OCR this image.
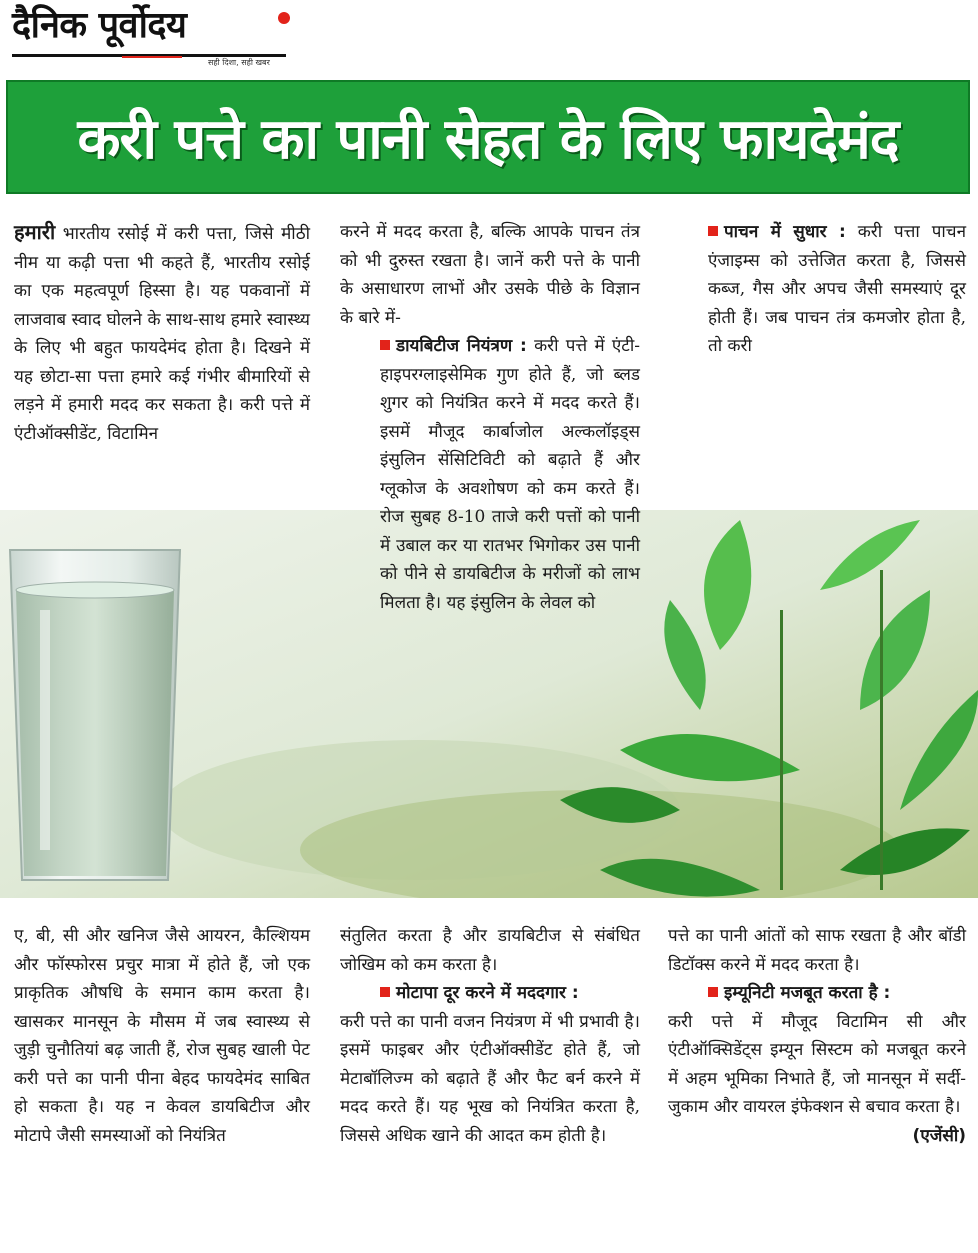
दैनिक पूर्वोदय
सही दिशा, सही खबर
करी पत्ते का पानी सेहत के लिए फायदेमंद

हमारी भारतीय रसोई में करी पत्ता, जिसे मीठी नीम या कढ़ी पत्ता भी कहते हैं, भारतीय रसोई का एक महत्वपूर्ण हिस्सा है। यह पकवानों में लाजवाब स्वाद घोलने के साथ-साथ हमारे स्वास्थ्य के लिए भी बहुत फायदेमंद होता है। दिखने में यह छोटा-सा पत्ता हमारे कई गंभीर बीमारियों से लड़ने में हमारी मदद कर सकता है। करी पत्ते में एंटीऑक्सीडेंट, विटामिन

करने में मदद करता है, बल्कि आपके पाचन तंत्र को भी दुरुस्त रखता है। जानें करी पत्ते के पानी के असाधारण लाभों और उसके पीछे के विज्ञान के बारे में-

डायबिटीज नियंत्रण : करी पत्ते में एंटी-हाइपरग्लाइसेमिक गुण होते हैं, जो ब्लड शुगर को नियंत्रित करने में मदद करते हैं। इसमें मौजूद कार्बाजोल अल्कलॉइड्स इंसुलिन सेंसिटिविटी को बढ़ाते हैं और ग्लूकोज के अवशोषण को कम करते हैं। रोज सुबह 8-10 ताजे करी पत्तों को पानी में उबाल कर या रातभर भिगोकर उस पानी को पीने से डायबिटीज के मरीजों को लाभ मिलता है। यह इंसुलिन के लेवल को

पाचन में सुधार : करी पत्ता पाचन एंजाइम्स को उत्तेजित करता है, जिससे कब्ज, गैस और अपच जैसी समस्याएं दूर होती हैं। जब पाचन तंत्र कमजोर होता है, तो करी

ए, बी, सी और खनिज जैसे आयरन, कैल्शियम और फॉस्फोरस प्रचुर मात्रा में होते हैं, जो एक प्राकृतिक औषधि के समान काम करता है। खासकर मानसून के मौसम में जब स्वास्थ्य से जुड़ी चुनौतियां बढ़ जाती हैं, रोज सुबह खाली पेट करी पत्ते का पानी पीना बेहद फायदेमंद साबित हो सकता है। यह न केवल डायबिटीज और मोटापे जैसी समस्याओं को नियंत्रित

संतुलित करता है और डायबिटीज से संबंधित जोखिम को कम करता है।

मोटापा दूर करने में मददगार :

करी पत्ते का पानी वजन नियंत्रण में भी प्रभावी है। इसमें फाइबर और एंटीऑक्सीडेंट होते हैं, जो मेटाबॉलिज्म को बढ़ाते हैं और फैट बर्न करने में मदद करते हैं। यह भूख को नियंत्रित करता है, जिससे अधिक खाने की आदत कम होती है।

पत्ते का पानी आंतों को साफ रखता है और बॉडी डिटॉक्स करने में मदद करता है।

इम्यूनिटी मजबूत करता है :

करी पत्ते में मौजूद विटामिन सी और एंटीऑक्सिडेंट्स इम्यून सिस्टम को मजबूत करने में अहम भूमिका निभाते हैं, जो मानसून में सर्दी-जुकाम और वायरल इंफेक्शन से बचाव करता है।

(एजेंसी)
